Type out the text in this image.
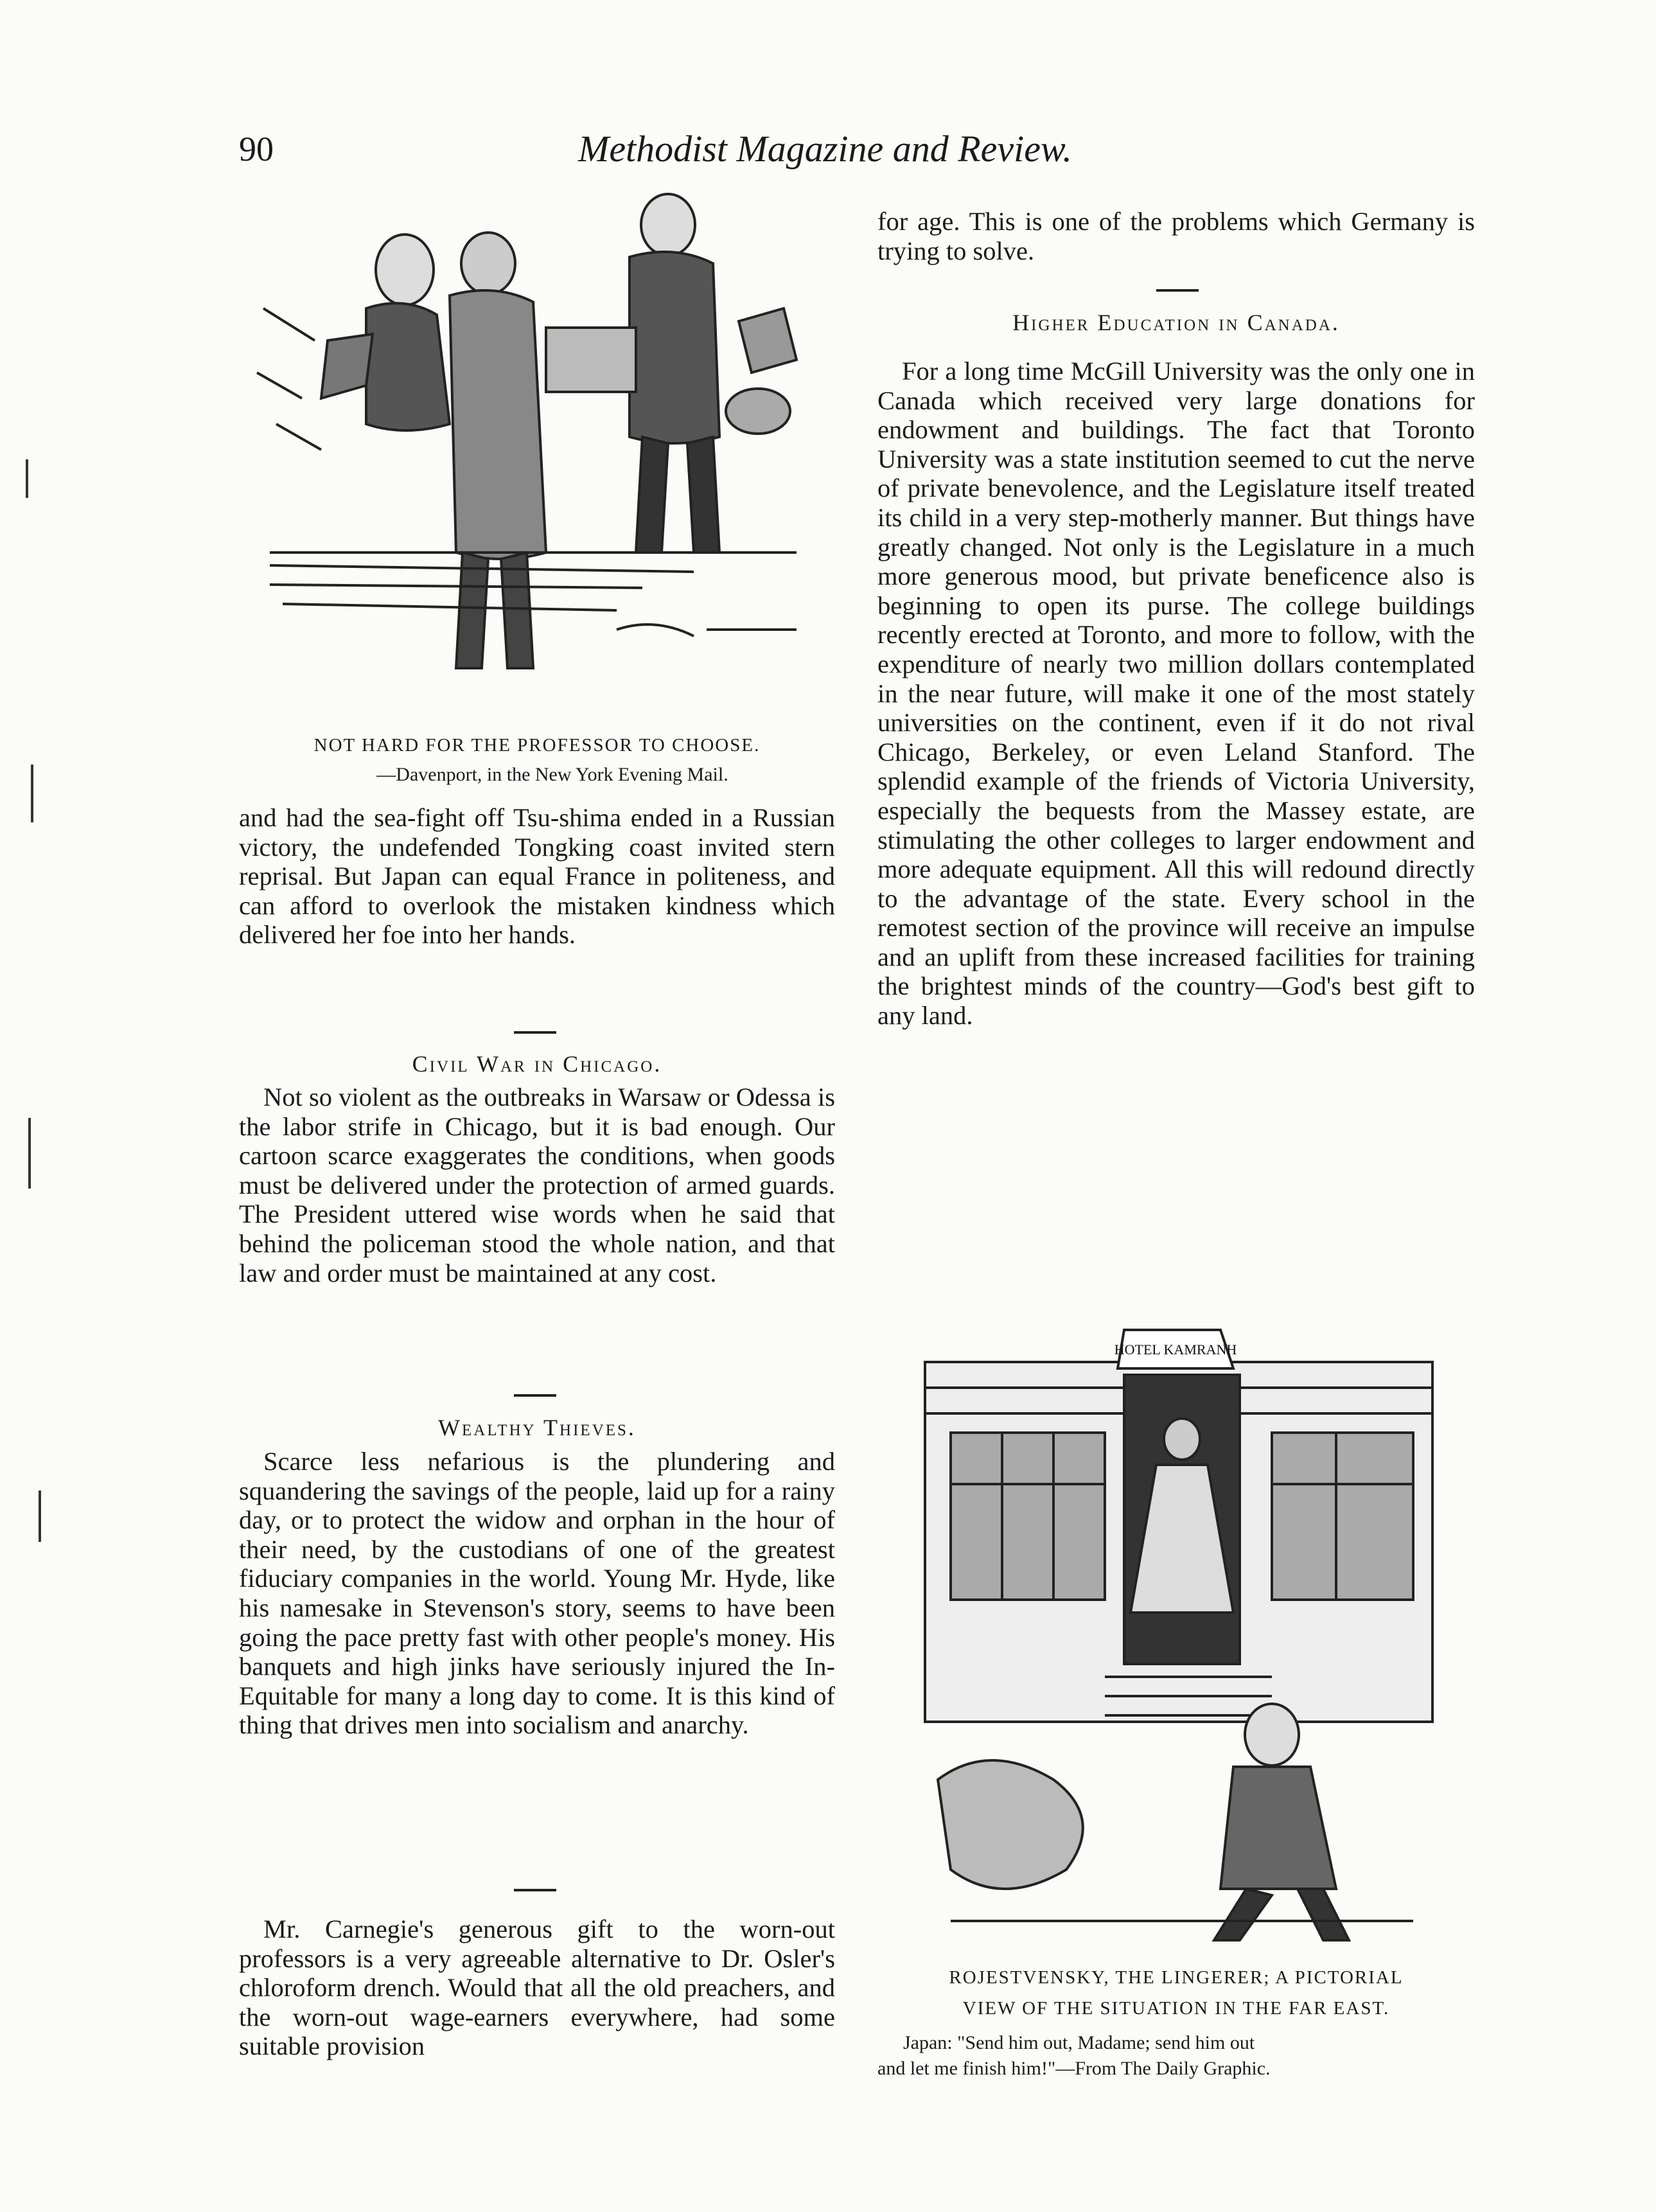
90	Methodist Magazine and Review.
NOT HARD FOR THE PROFESSOR TO CHOOSE.
—Davenport, in the New York Evening Mail.

and had the sea-fight off Tsu-shima ended in a Russian victory, the undefended Tongking coast invited stern reprisal. But Japan can equal France in politeness, and can afford to overlook the mistaken kindness which delivered her foe into her hands.

Civil War in Chicago.

Not so violent as the outbreaks in Warsaw or Odessa is the labor strife in Chicago, but it is bad enough. Our cartoon scarce exaggerates the conditions, when goods must be delivered under the protection of armed guards. The President uttered wise words when he said that behind the policeman stood the whole nation, and that law and order must be maintained at any cost.

Wealthy Thieves.

Scarce less nefarious is the plundering and squandering the savings of the people, laid up for a rainy day, or to protect the widow and orphan in the hour of their need, by the custodians of one of the greatest fiduciary companies in the world. Young Mr. Hyde, like his namesake in Stevenson's story, seems to have been going the pace pretty fast with other people's money. His banquets and high jinks have seriously injured the In-Equitable for many a long day to come. It is this kind of thing that drives men into socialism and anarchy.

Mr. Carnegie's generous gift to the worn-out professors is a very agreeable alternative to Dr. Osler's chloroform drench. Would that all the old preachers, and the worn-out wage-earners everywhere, had some suitable provision

for age. This is one of the problems which Germany is trying to solve.

Higher Education in Canada.

For a long time McGill University was the only one in Canada which received very large donations for endowment and buildings. The fact that Toronto University was a state institution seemed to cut the nerve of private benevolence, and the Legislature itself treated its child in a very step-motherly manner. But things have greatly changed. Not only is the Legislature in a much more generous mood, but private beneficence also is beginning to open its purse. The college buildings recently erected at Toronto, and more to follow, with the expenditure of nearly two million dollars contemplated in the near future, will make it one of the most stately universities on the continent, even if it do not rival Chicago, Berkeley, or even Leland Stanford. The splendid example of the friends of Victoria University, especially the bequests from the Massey estate, are stimulating the other colleges to larger endowment and more adequate equipment. All this will redound directly to the advantage of the state. Every school in the remotest section of the province will receive an impulse and an uplift from these increased facilities for training the brightest minds of the country—God's best gift to any land.

HOTEL KAMRANH
ROJESTVENSKY, THE LINGERER; A PICTORIAL
VIEW OF THE SITUATION IN THE FAR EAST.
Japan: "Send him out, Madame; send him out
and let me finish him!"—From The Daily Graphic.
